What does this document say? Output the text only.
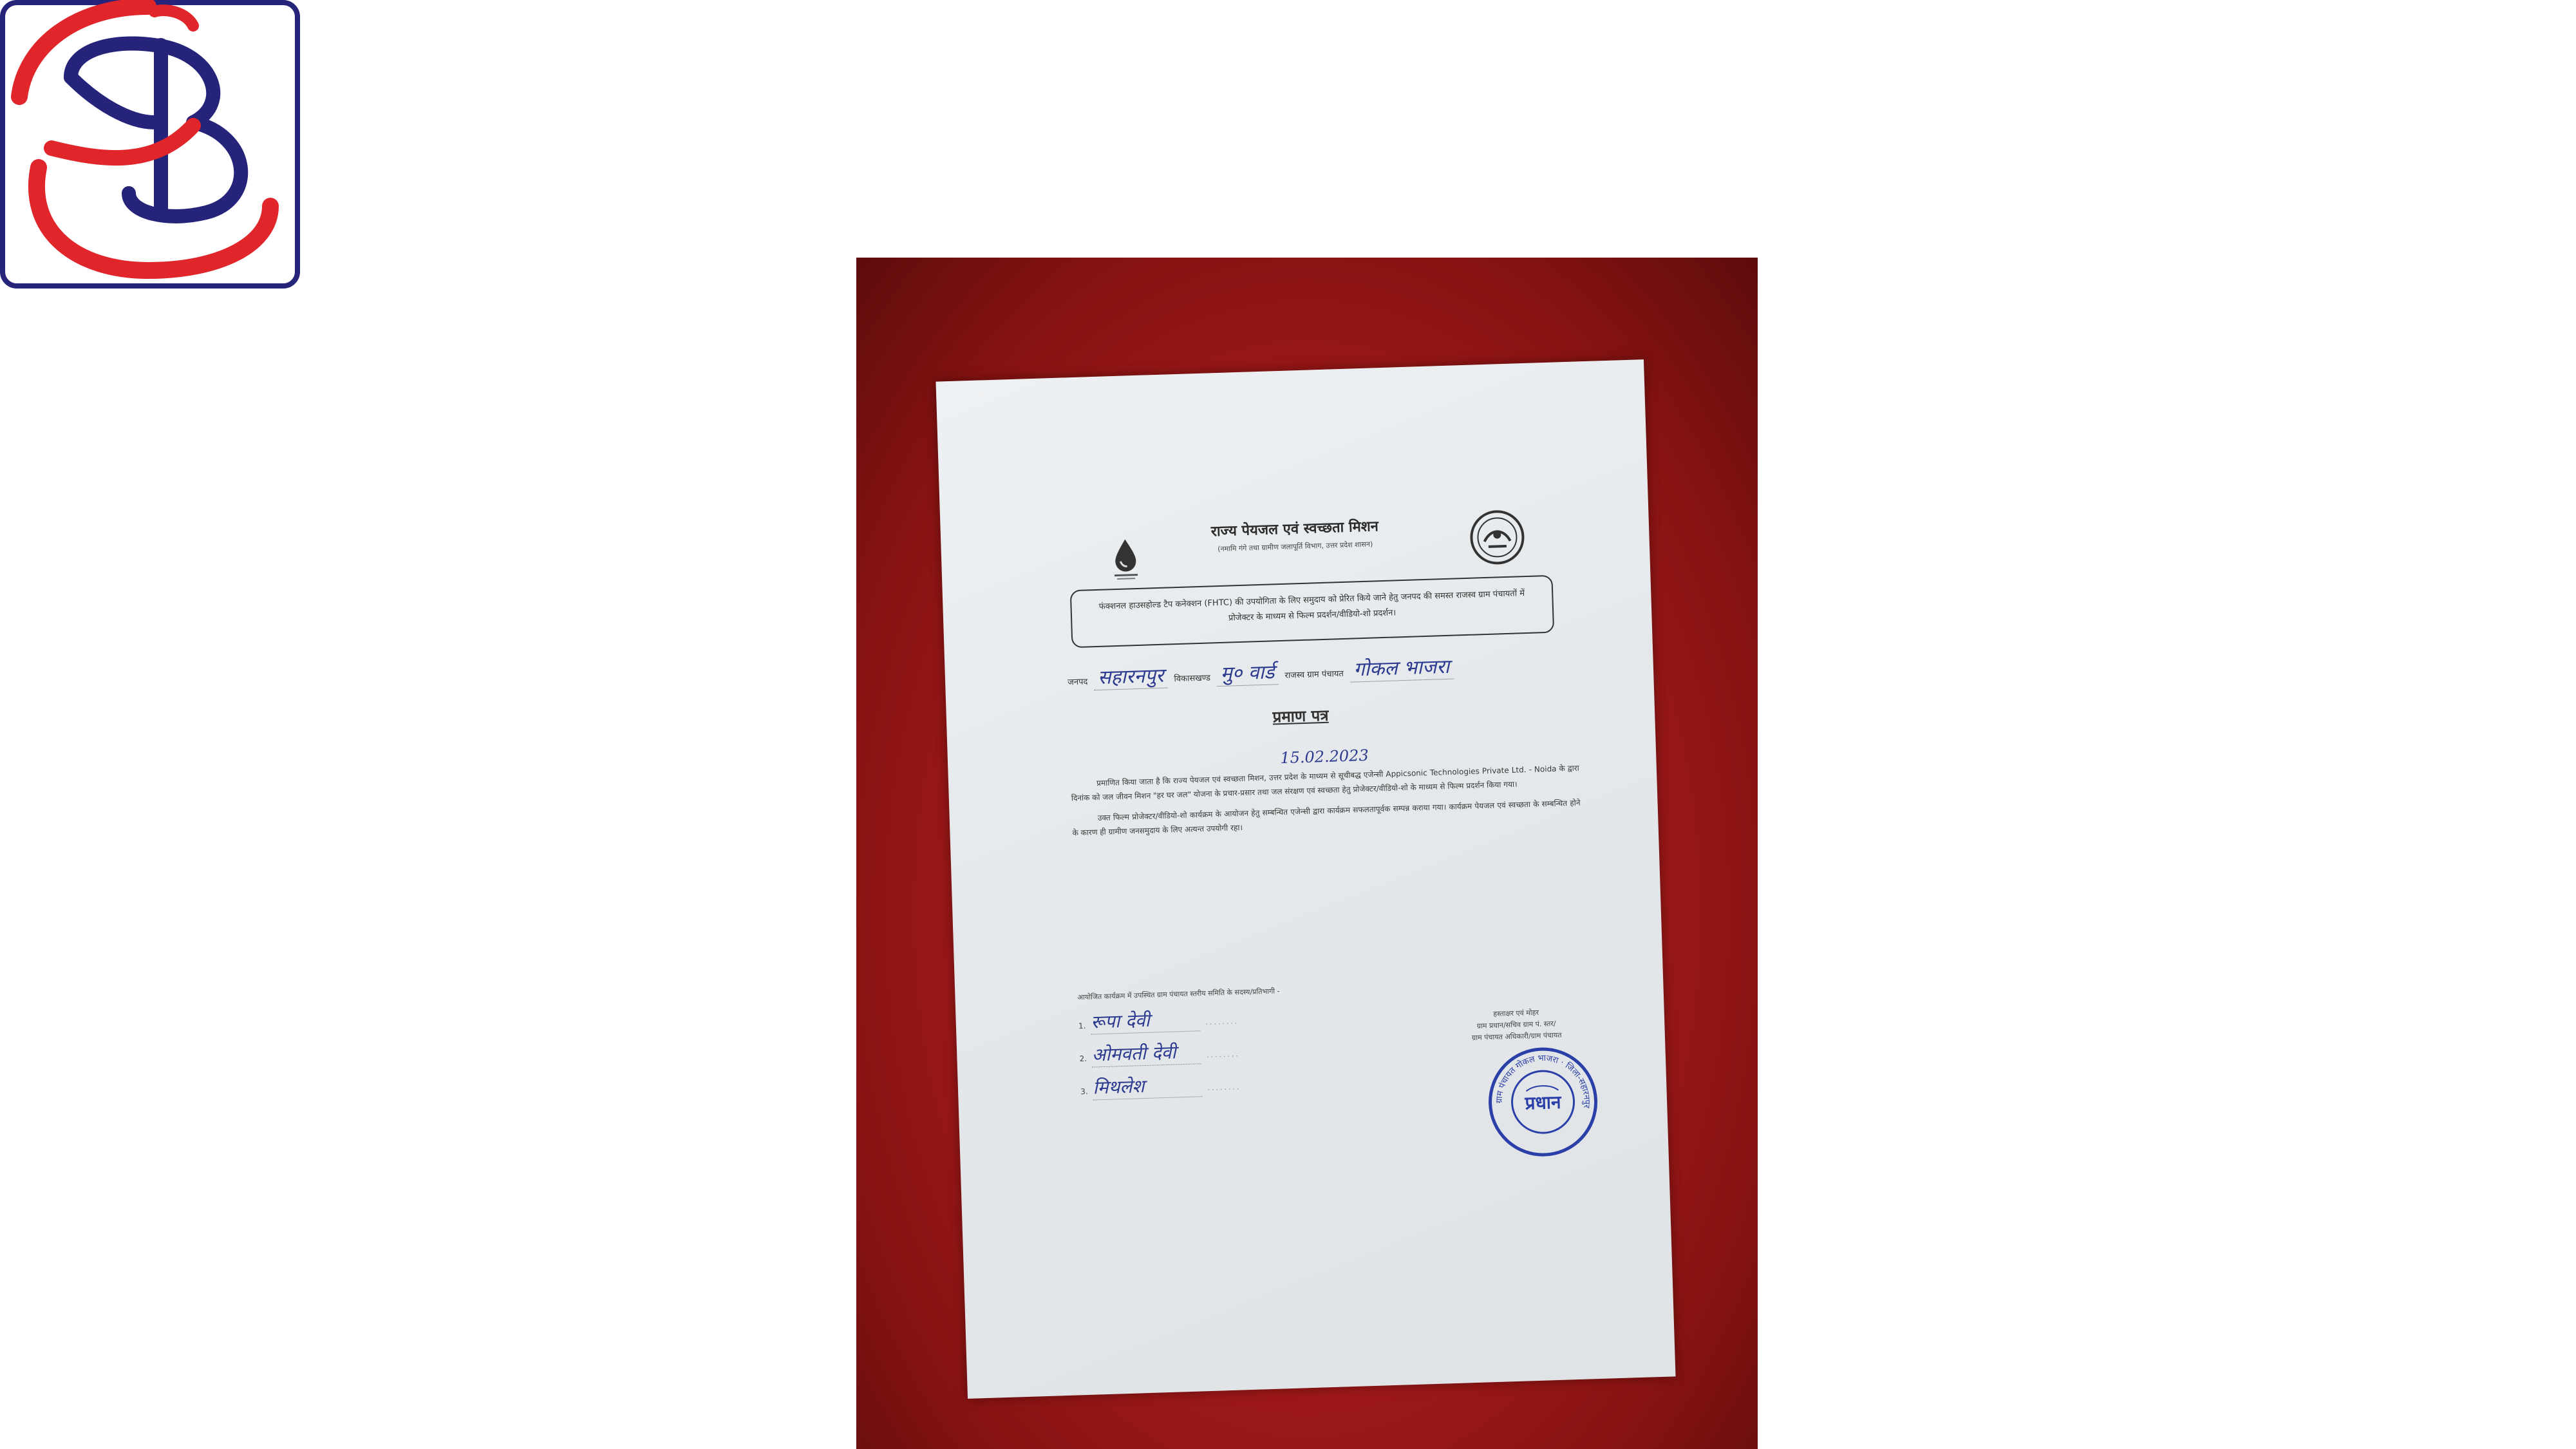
राज्य पेयजल एवं स्वच्छता मिशन
(नमामि गंगे तथा ग्रामीण जलापूर्ति विभाग, उत्तर प्रदेश शासन)
फंक्शनल हाउसहोल्ड टैप कनेक्शन (FHTC) की उपयोगिता के लिए समुदाय को प्रेरित किये जाने हेतु जनपद की समस्त राजस्व ग्राम पंचायतों में प्रोजेक्टर के माध्यम से फिल्म प्रदर्शन/वीडियो-शो प्रदर्शन।
जनपद सहारनपुर	विकासखण्ड मु० वार्ड	राजस्व ग्राम पंचायत गोकल भाजरा
प्रमाण पत्र
15.02.2023

प्रमाणित किया जाता है कि राज्य पेयजल एवं स्वच्छता मिशन, उत्तर प्रदेश के माध्यम से सूचीबद्ध एजेन्सी Appicsonic Technologies Private Ltd. - Noida के द्वारा दिनांक को जल जीवन मिशन "हर घर जल" योजना के प्रचार-प्रसार तथा जल संरक्षण एवं स्वच्छता हेतु प्रोजेक्टर/वीडियो-शो के माध्यम से फिल्म प्रदर्शन किया गया।

उक्त फिल्म प्रोजेक्टर/वीडियो-शो कार्यक्रम के आयोजन हेतु सम्बन्धित एजेन्सी द्वारा कार्यक्रम सफलतापूर्वक सम्पन्न कराया गया। कार्यक्रम पेयजल एवं स्वच्छता के सम्बन्धित होने के कारण ही ग्रामीण जनसमुदाय के लिए अत्यन्त उपयोगी रहा।

आयोजित कार्यक्रम में उपस्थित ग्राम पंचायत स्तरीय समिति के सदस्य/प्रतिभागी -
1. रूपा देवी	........
2. ओमवती देवी	........
3. मिथलेश	........
हस्ताक्षर एवं मोहर
ग्राम प्रधान/सचिव ग्राम पं. स्तर/
ग्राम पंचायत अधिकारी/ग्राम पंचायत
ग्राम पंचायत गोकल भाजरा · जिला-सहारनपुर
प्रधान
